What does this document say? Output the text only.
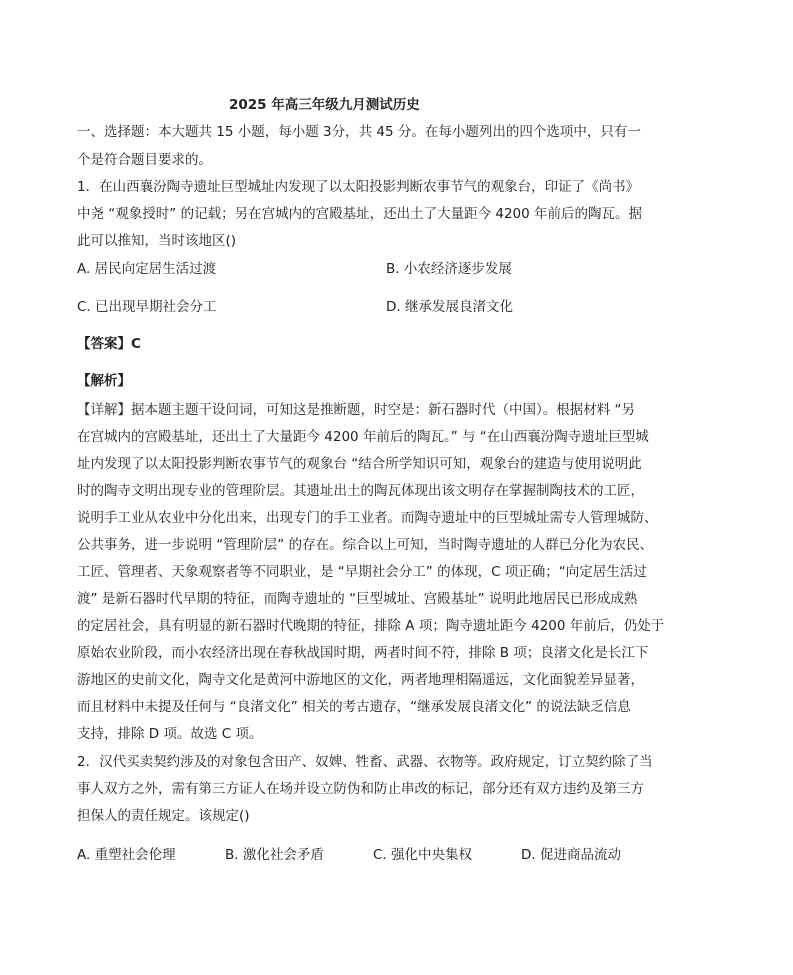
2025 年高三年级九月测试历史
一、选择题：本大题共 15 小题，每小题 3分，共 45 分。在每小题列出的四个选项中，只有一
个是符合题目要求的。
1．在山西襄汾陶寺遗址巨型城址内发现了以太阳投影判断农事节气的观象台，印证了《尚书》
中尧 “观象授时” 的记载；另在宫城内的宫殿基址，还出土了大量距今 4200 年前后的陶瓦。据
此可以推知，当时该地区()
A. 居民向定居生活过渡	B. 小农经济逐步发展
C. 已出现早期社会分工	D. 继承发展良渚文化
【答案】C
【解析】
【详解】据本题主题干设问词，可知这是推断题，时空是：新石器时代（中国）。根据材料 “另
在宫城内的宫殿基址，还出土了大量距今 4200 年前后的陶瓦。” 与 “在山西襄汾陶寺遗址巨型城
址内发现了以太阳投影判断农事节气的观象台 “结合所学知识可知，观象台的建造与使用说明此
时的陶寺文明出现专业的管理阶层。其遗址出土的陶瓦体现出该文明存在掌握制陶技术的工匠，
说明手工业从农业中分化出来，出现专门的手工业者。而陶寺遗址中的巨型城址需专人管理城防、
公共事务，进一步说明 “管理阶层” 的存在。综合以上可知，当时陶寺遗址的人群已分化为农民、
工匠、管理者、天象观察者等不同职业，是 “早期社会分工” 的体现，C 项正确；“向定居生活过
渡” 是新石器时代早期的特征，而陶寺遗址的 “巨型城址、宫殿基址” 说明此地居民已形成成熟
的定居社会，具有明显的新石器时代晚期的特征，排除 A 项；陶寺遗址距今 4200 年前后，仍处于
原始农业阶段，而小农经济出现在春秋战国时期，两者时间不符，排除 B 项；良渚文化是长江下
游地区的史前文化，陶寺文化是黄河中游地区的文化，两者地理相隔遥远，文化面貌差异显著，
而且材料中未提及任何与 “良渚文化” 相关的考古遗存，“继承发展良渚文化” 的说法缺乏信息
支持，排除 D 项。故选 C 项。
2．汉代买卖契约涉及的对象包含田产、奴婢、牲畜、武器、衣物等。政府规定，订立契约除了当
事人双方之外，需有第三方证人在场并设立防伪和防止串改的标记，部分还有双方违约及第三方
担保人的责任规定。该规定()
A. 重塑社会伦理	B. 激化社会矛盾	C. 强化中央集权	D. 促进商品流动
